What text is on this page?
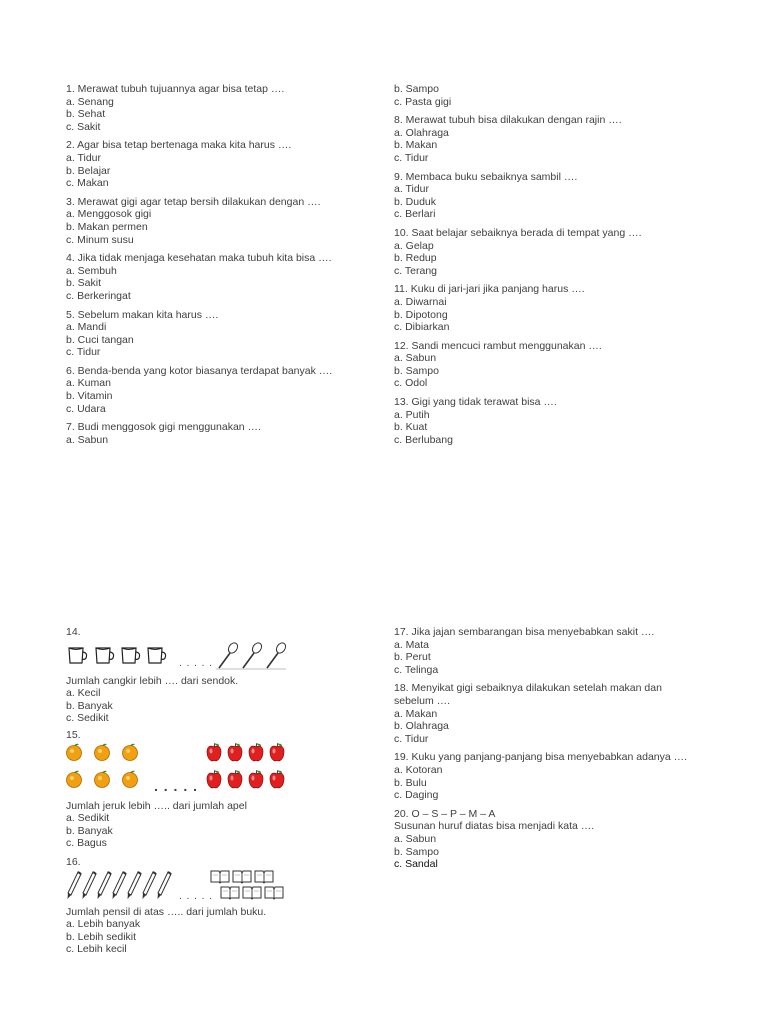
1. Merawat tubuh tujuannya agar bisa tetap ….
a. Senang
b. Sehat
c. Sakit
2. Agar bisa tetap bertenaga maka kita harus ….
a. Tidur
b. Belajar
c. Makan
3. Merawat gigi agar tetap bersih dilakukan dengan ….
a. Menggosok gigi
b. Makan permen
c. Minum susu
4. Jika tidak menjaga kesehatan maka tubuh kita bisa ….
a. Sembuh
b. Sakit
c. Berkeringat
5. Sebelum makan kita harus ….
a. Mandi
b. Cuci tangan
c. Tidur
6. Benda-benda yang kotor biasanya terdapat banyak ….
a. Kuman
b. Vitamin
c. Udara
7. Budi menggosok gigi menggunakan ….
a. Sabun
b. Sampo
c. Pasta gigi
8. Merawat tubuh bisa dilakukan dengan rajin ….
a. Olahraga
b. Makan
c. Tidur
9. Membaca buku sebaiknya sambil ….
a. Tidur
b. Duduk
c. Berlari
10. Saat belajar sebaiknya berada di tempat yang ….
a. Gelap
b. Redup
c. Terang
11. Kuku di jari-jari jika panjang harus ….
a. Diwarnai
b. Dipotong
c. Dibiarkan
12. Sandi mencuci rambut menggunakan ….
a. Sabun
b. Sampo
c. Odol
13. Gigi yang tidak terawat bisa ….
a. Putih
b. Kuat
c. Berlubang
14.
. . . . .
Jumlah cangkir lebih …. dari sendok.
a. Kecil
b. Banyak
c. Sedikit
15.
. . . . .
Jumlah jeruk lebih ….. dari jumlah apel
a. Sedikit
b. Banyak
c. Bagus
16.
. . . . .
Jumlah pensil di atas ….. dari jumlah buku.
a. Lebih banyak
b. Lebih sedikit
c. Lebih kecil
17. Jika jajan sembarangan bisa menyebabkan sakit ….
a. Mata
b. Perut
c. Telinga
18. Menyikat gigi sebaiknya dilakukan setelah makan dan sebelum ….
a. Makan
b. Olahraga
c. Tidur
19. Kuku yang panjang-panjang bisa menyebabkan adanya ….
a. Kotoran
b. Bulu
c. Daging
20. O – S – P – M – A
Susunan huruf diatas bisa menjadi kata ….
a. Sabun
b. Sampo
c. Sandal
